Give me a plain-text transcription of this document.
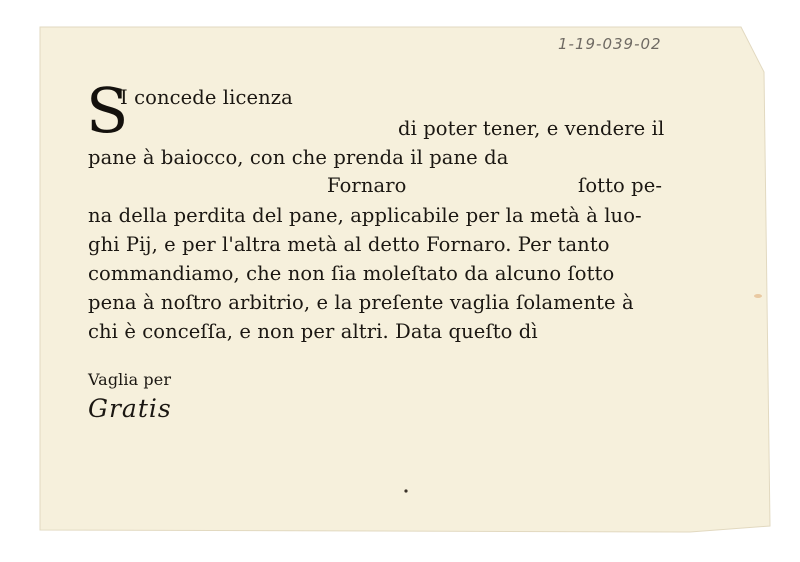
1-19-039-02
S
I concede licenza
di poter tener, e vendere il
pane à baiocco, con che prenda il pane da
Fornaro	ſotto pe-
na della perdita del pane, applicabile per la metà à luo-
ghi Pij, e per l'altra metà al detto Fornaro. Per tanto
commandiamo, che non ſia moleſtato da alcuno ſotto
pena à noſtro arbitrio, e la preſente vaglia ſolamente à
chi è conceſſa, e non per altri. Data queſto dì
Vaglia per
Gratis
